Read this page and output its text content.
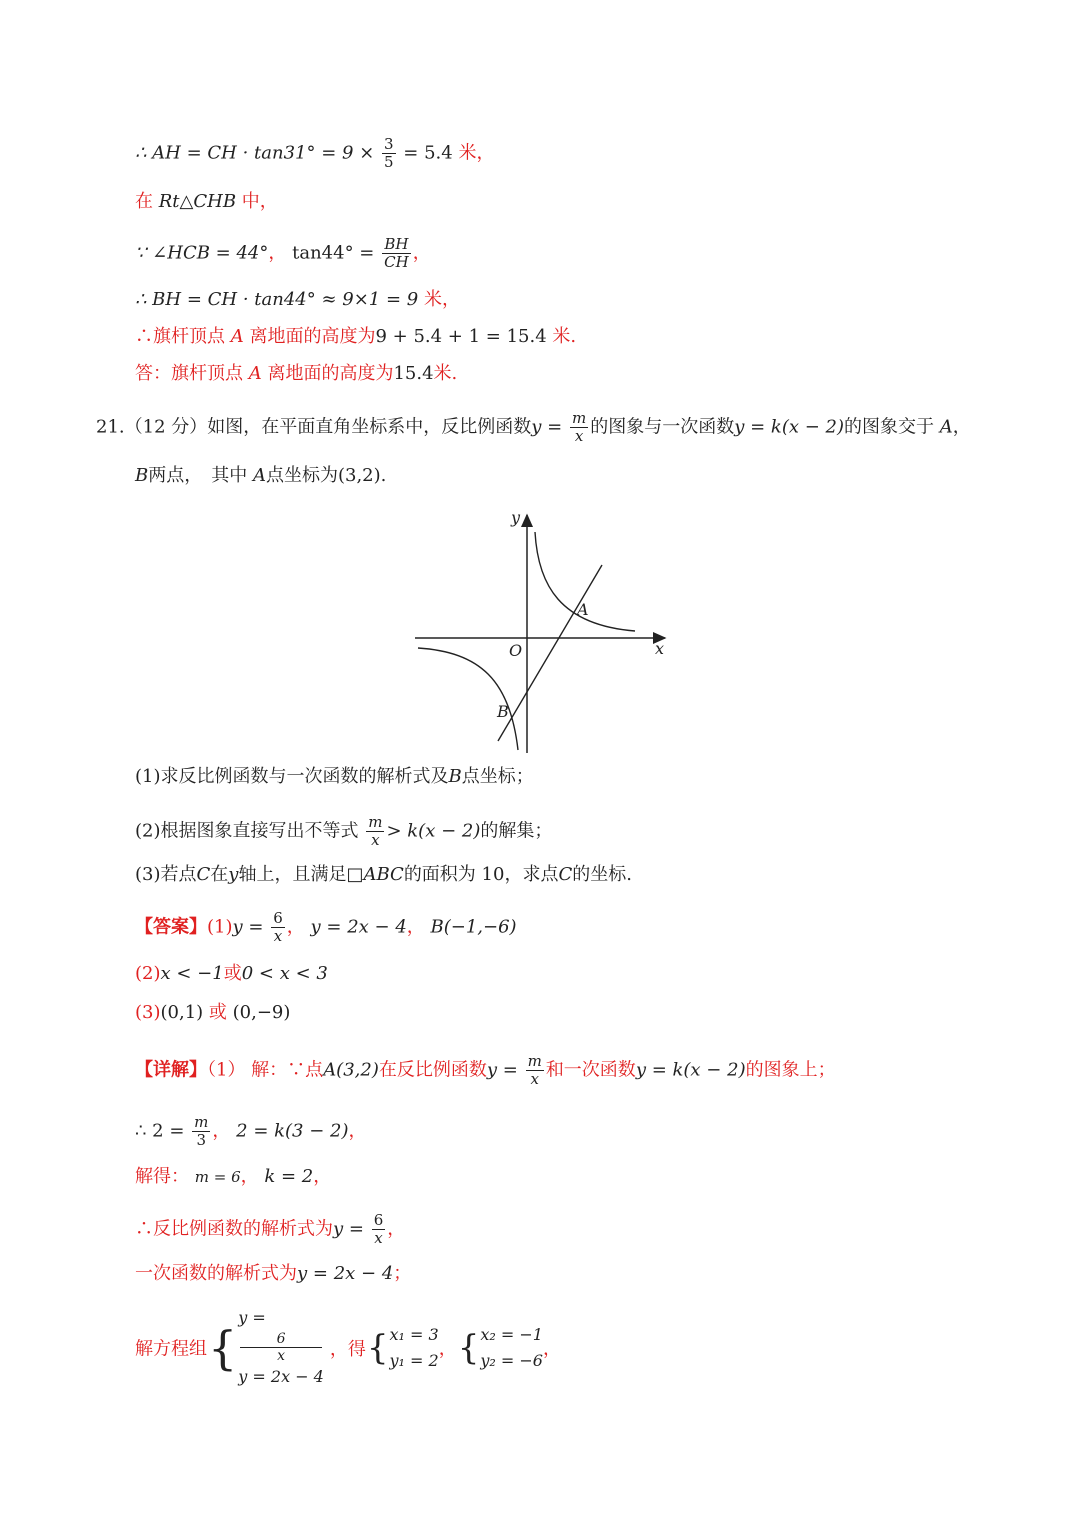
∴ AH = CH · $\tan 31^\circ = 9 \times \frac{3}{5} = 5.4$ 米，
在 Rt△CHB 中，
∵ ∠HCB = 44°， $\tan 44^\circ = \frac{BH}{CH}$ ，
∴ BH = CH · tan44° ≈ 9×1 = 9 米，
∴旗杆顶点 A 离地面的高度为9 + 5.4 + 1 = 15.4 米.
答：旗杆顶点 A 离地面的高度为15.4米.
21.（12 分）如图，在平面直角坐标系中，反比例函数$y = \frac{m}{x}$ 的图象与一次函数y = k(x − 2)的图象交于 A，
B两点，　其中 A点坐标为(3,2).
y
x
O
A
B
(1)求反比例函数与一次函数的解析式及B点坐标；
(2)根据图象直接写出不等式 $\frac{m}{x} > k(x - 2)$的解集；
(3)若点C在y轴上，且满足□ABC的面积为 10，求点C的坐标.
【答案】$(1)y = \frac{6}{x}$ ， y = 2x − 4， B(−1,−6)
(2)x < −1或0 < x < 3
(3)(0,1) 或 (0,−9)
【详解】（1） 解：∵点A(3,2)在反比例函数$y = \frac{m}{x}$ 和一次函数y = k(x − 2)的图象上；
∴ $2 = \frac{m}{3}$ ， 2 = k(3 − 2)，
解得： m = 6， k = 2，
∴反比例函数的解析式为$y = \frac{6}{x}$ ，
一次函数的解析式为y = 2x − 4；
解方程组{
y =
6
x
y = 2x − 4
，得{ x₁ = 3
y₁ = 2
，{ x₂ = −1
y₂ = −6
，
